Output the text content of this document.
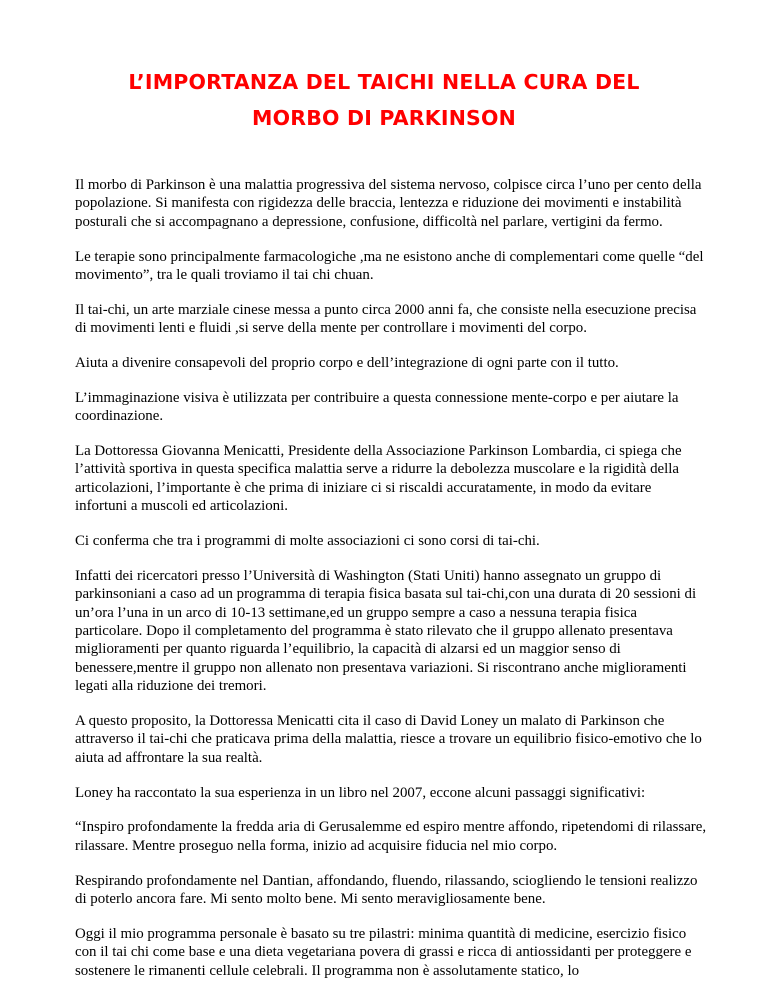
L’IMPORTANZA DEL TAICHI NELLA CURA DEL
MORBO DI PARKINSON

Il morbo di Parkinson è una malattia progressiva del sistema nervoso, colpisce circa l’uno per cento della popolazione. Si manifesta con rigidezza delle braccia, lentezza e riduzione dei movimenti e instabilità posturali che si accompagnano a depressione, confusione, difficoltà nel parlare, vertigini da fermo.

Le terapie sono principalmente farmacologiche ,ma ne esistono anche di complementari come quelle “del movimento”, tra le quali troviamo il tai chi chuan.

Il tai-chi, un arte marziale cinese messa a punto circa 2000 anni fa, che consiste nella esecuzione precisa di movimenti lenti e fluidi ,si serve della mente per controllare i movimenti del corpo.

Aiuta a divenire consapevoli del proprio corpo e dell’integrazione di ogni parte con il tutto.

L’immaginazione visiva è utilizzata per contribuire a questa connessione mente-corpo e per aiutare la coordinazione.

La Dottoressa Giovanna Menicatti, Presidente della Associazione Parkinson Lombardia, ci spiega che l’attività sportiva in questa specifica malattia serve a ridurre la debolezza muscolare e la rigidità della articolazioni, l’importante è che prima di iniziare ci si riscaldi accuratamente, in modo da evitare infortuni a muscoli ed articolazioni.

Ci conferma che tra i programmi di molte associazioni ci sono corsi di tai-chi.

Infatti dei ricercatori presso l’Università di Washington (Stati Uniti) hanno assegnato un gruppo di parkinsoniani a caso ad un programma di terapia fisica basata sul tai-chi,con una durata di 20 sessioni di un’ora l’una in un arco di 10-13 settimane,ed un gruppo sempre a caso a nessuna terapia fisica particolare. Dopo il completamento del programma è stato rilevato che il gruppo allenato presentava miglioramenti per quanto riguarda l’equilibrio, la capacità di alzarsi ed un maggior senso di benessere,mentre il gruppo non allenato non presentava variazioni. Si riscontrano anche miglioramenti legati alla riduzione dei tremori.

A questo proposito, la Dottoressa Menicatti cita il caso di David Loney un malato di Parkinson che attraverso il tai-chi che praticava prima della malattia, riesce a trovare un equilibrio fisico-emotivo che lo aiuta ad affrontare la sua realtà.

Loney ha raccontato la sua esperienza in un libro nel 2007, eccone alcuni passaggi significativi:

“Inspiro profondamente la fredda aria di Gerusalemme ed espiro mentre affondo, ripetendomi di rilassare, rilassare. Mentre proseguo nella forma, inizio ad acquisire fiducia nel mio corpo.

Respirando profondamente nel Dantian, affondando, fluendo, rilassando, sciogliendo le tensioni realizzo di poterlo ancora fare. Mi sento molto bene. Mi sento meravigliosamente bene.

Oggi il mio programma personale è basato su tre pilastri: minima quantità di medicine, esercizio fisico con il tai chi come base e una dieta vegetariana povera di grassi e ricca di antiossidanti per proteggere e sostenere le rimanenti cellule celebrali. Il programma non è assolutamente statico, lo
